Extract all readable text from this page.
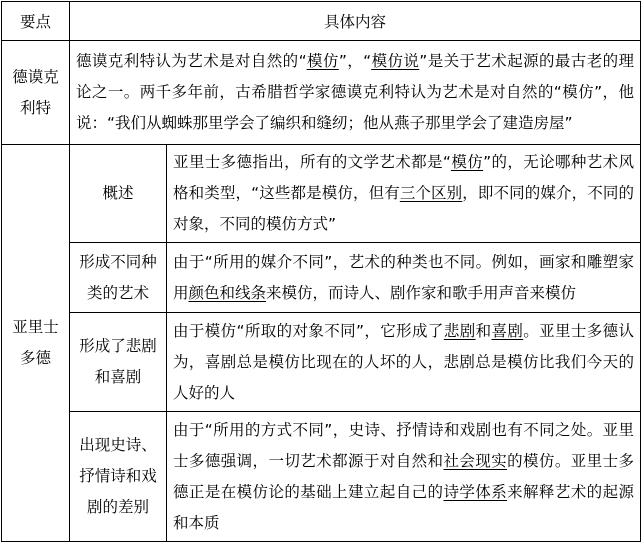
要点	具体内容	
德谟克利特	德谟克利特认为艺术是对自然的“模仿”，“模仿说”是关于艺术起源的最古老的理论之一。两千多年前，古希腊哲学家德谟克利特认为艺术是对自然的“模仿”，他说：“我们从蜘蛛那里学会了编织和缝纫；他从燕子那里学会了建造房屋”	
亚里士多德	概述	亚里士多德指出，所有的文学艺术都是“模仿”的，无论哪种艺术风格和类型，“这些都是模仿，但有三个区别，即不同的媒介，不同的对象，不同的模仿方式”
	形成不同种类的艺术	由于“所用的媒介不同”，艺术的种类也不同。例如，画家和雕塑家用颜色和线条来模仿，而诗人、剧作家和歌手用声音来模仿
	形成了悲剧和喜剧	由于模仿“所取的对象不同”，它形成了悲剧和喜剧。亚里士多德认为，喜剧总是模仿比现在的人坏的人，悲剧总是模仿比我们今天的人好的人
	出现史诗、抒情诗和戏剧的差别	由于“所用的方式不同”，史诗、抒情诗和戏剧也有不同之处。亚里士多德强调，一切艺术都源于对自然和社会现实的模仿。亚里士多德正是在模仿论的基础上建立起自己的诗学体系来解释艺术的起源和本质
